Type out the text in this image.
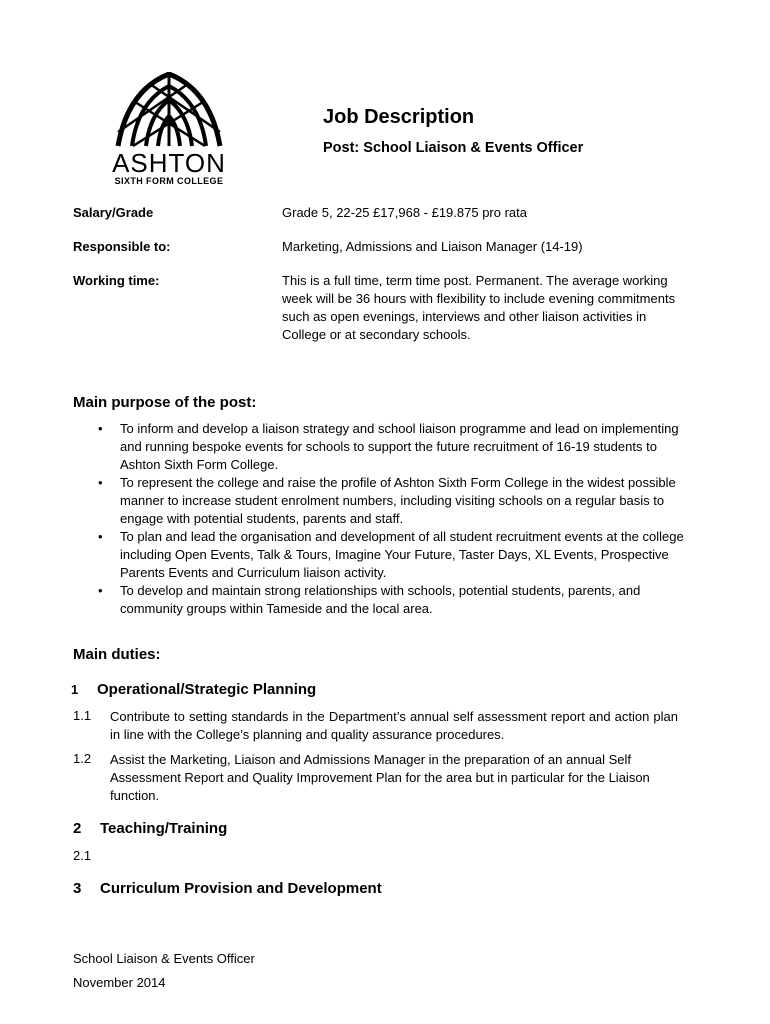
ASHTON
SIXTH FORM COLLEGE
Job Description
Post: School Liaison & Events Officer
Salary/Grade	Grade 5, 22-25 £17,968 - £19.875 pro rata
Responsible to:	Marketing, Admissions and Liaison Manager (14-19)
Working time:	This is a full time, term time post. Permanent. The average working week will be 36 hours with flexibility to include evening commitments such as open evenings, interviews and other liaison activities in College or at secondary schools.
Main purpose of the post:
• To inform and develop a liaison strategy and school liaison programme and lead on implementing and running bespoke events for schools to support the future recruitment of 16-19 students to Ashton Sixth Form College.
• To represent the college and raise the profile of Ashton Sixth Form College in the widest possible manner to increase student enrolment numbers, including visiting schools on a regular basis to engage with potential students, parents and staff.
• To plan and lead the organisation and development of all student recruitment events at the college including Open Events, Talk & Tours, Imagine Your Future, Taster Days, XL Events, Prospective Parents Events and Curriculum liaison activity.
• To develop and maintain strong relationships with schools, potential students, parents, and community groups within Tameside and the local area.
Main duties:
1 Operational/Strategic Planning
1.1 Contribute to setting standards in the Department’s annual self assessment report and action plan in line with the College’s planning and quality assurance procedures.
1.2 Assist the Marketing, Liaison and Admissions Manager in the preparation of an annual Self Assessment Report and Quality Improvement Plan for the area but in particular for the Liaison function.
2 Teaching/Training
2.1
3 Curriculum Provision and Development
School Liaison & Events Officer
November 2014
